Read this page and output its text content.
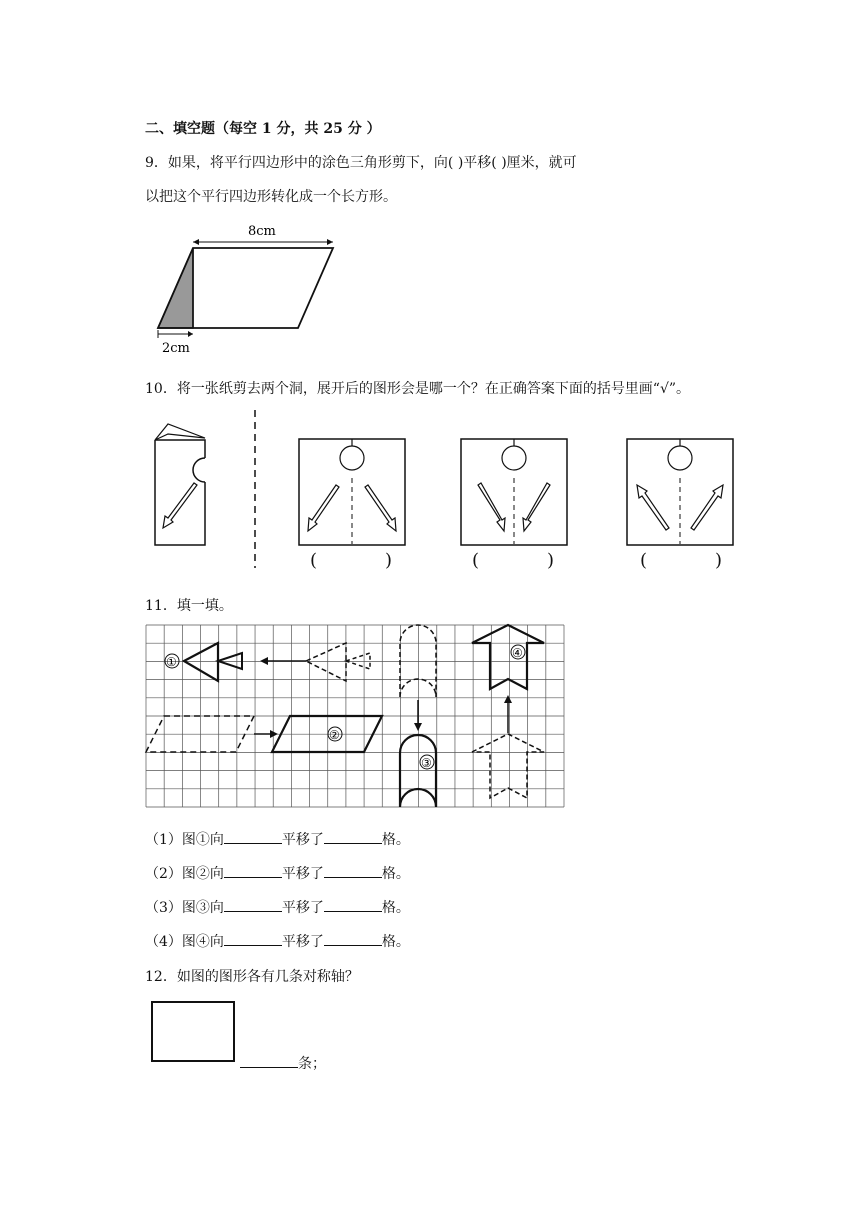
二、填空题（每空 1 分，共 25 分 ）
9．如果，将平行四边形中的涂色三角形剪下，向( )平移( )厘米，就可
以把这个平行四边形转化成一个长方形。
8cm
2cm
10．将一张纸剪去两个洞，展开后的图形会是哪一个？在正确答案下面的括号里画“√”。
(	)	(	)	(	)
11．填一填。
①
②
③
④
（1）图①向	平移了	格。
（2）图②向	平移了	格。
（3）图③向	平移了	格。
（4）图④向	平移了	格。
12．如图的图形各有几条对称轴？
条；
